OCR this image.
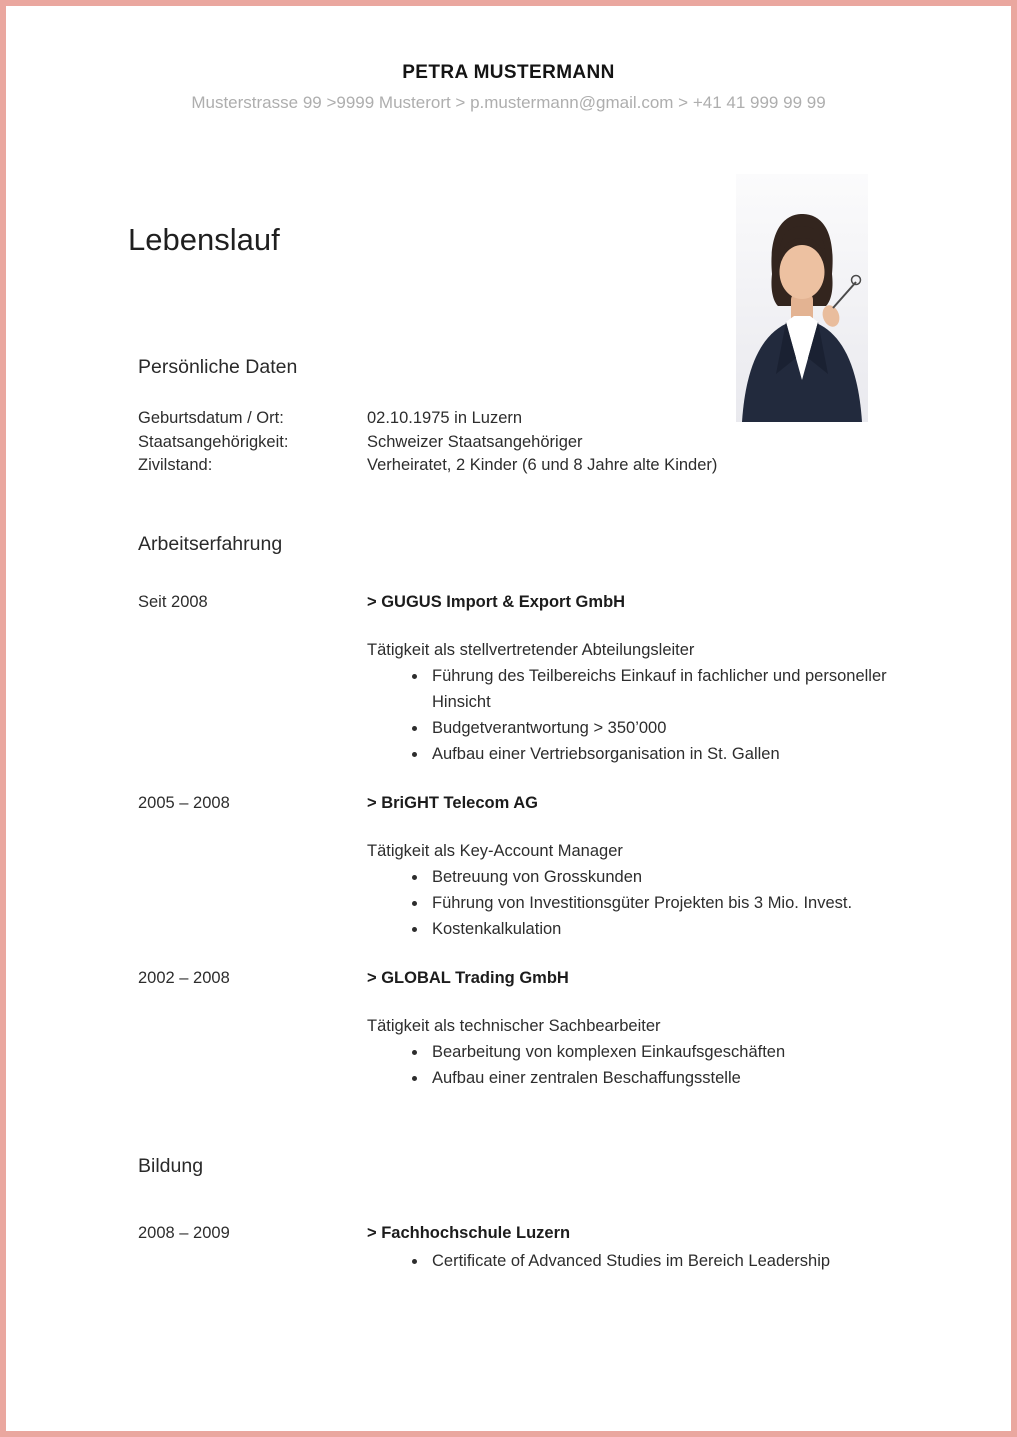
PETRA MUSTERMANN
Musterstrasse 99 >9999 Musterort > p.mustermann@gmail.com > +41 41 999 99 99
Lebenslauf
Persönliche Daten
Geburtsdatum / Ort:	02.10.1975 in Luzern
Staatsangehörigkeit:	Schweizer Staatsangehöriger
Zivilstand:	Verheiratet, 2 Kinder (6 und 8 Jahre alte Kinder)
Arbeitserfahrung
Seit 2008	> GUGUS Import & Export GmbH
Tätigkeit als stellvertretender Abteilungsleiter
• Führung des Teilbereichs Einkauf in fachlicher und personeller Hinsicht
• Budgetverantwortung > 350’000
• Aufbau einer Vertriebsorganisation in St. Gallen
2005 – 2008	> BriGHT Telecom AG
Tätigkeit als Key-Account Manager
• Betreuung von Grosskunden
• Führung von Investitionsgüter Projekten bis 3 Mio. Invest.
• Kostenkalkulation
2002 – 2008	> GLOBAL Trading GmbH
Tätigkeit als technischer Sachbearbeiter
• Bearbeitung von komplexen Einkaufsgeschäften
• Aufbau einer zentralen Beschaffungsstelle
Bildung
2008 – 2009	> Fachhochschule Luzern
• Certificate of Advanced Studies im Bereich Leadership
